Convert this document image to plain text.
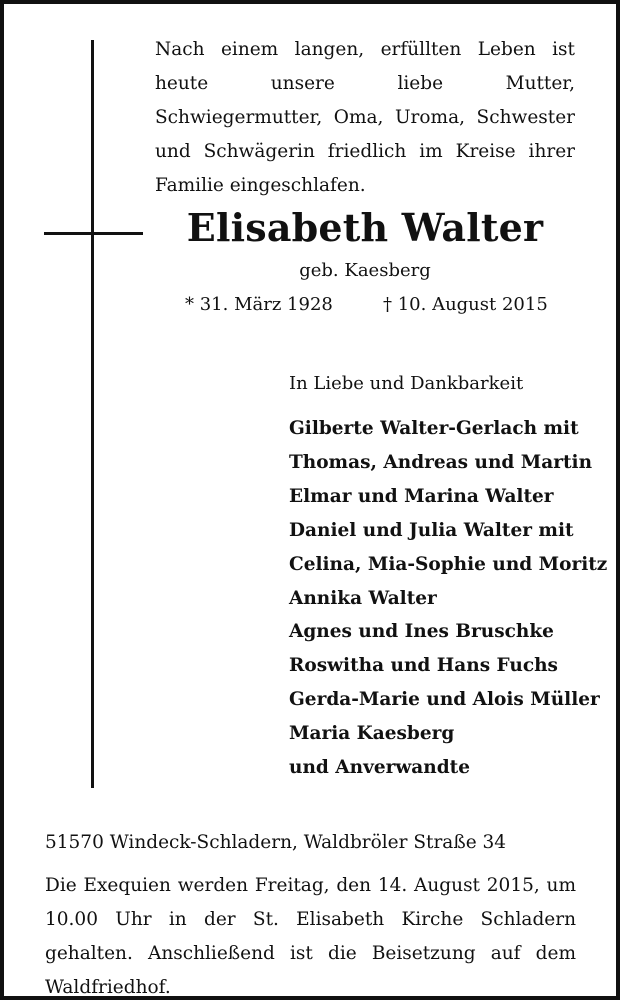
Nach einem langen, erfüllten Leben ist heute unsere liebe Mutter, Schwiegermutter, Oma, Uroma, Schwester und Schwägerin friedlich im Kreise ihrer Familie eingeschlafen.
Elisabeth Walter
geb. Kaesberg
* 31. März 1928	† 10. August 2015
In Liebe und Dankbarkeit
Gilberte Walter-Gerlach mit
Thomas, Andreas und Martin
Elmar und Marina Walter
Daniel und Julia Walter mit
Celina, Mia-Sophie und Moritz
Annika Walter
Agnes und Ines Bruschke
Roswitha und Hans Fuchs
Gerda-Marie und Alois Müller
Maria Kaesberg
und Anverwandte
51570 Windeck-Schladern, Waldbröler Straße 34
Die Exequien werden Freitag, den 14. August 2015, um 10.00 Uhr in der St. Elisabeth Kirche Schladern gehalten. Anschließend ist die Beisetzung auf dem Waldfriedhof.
